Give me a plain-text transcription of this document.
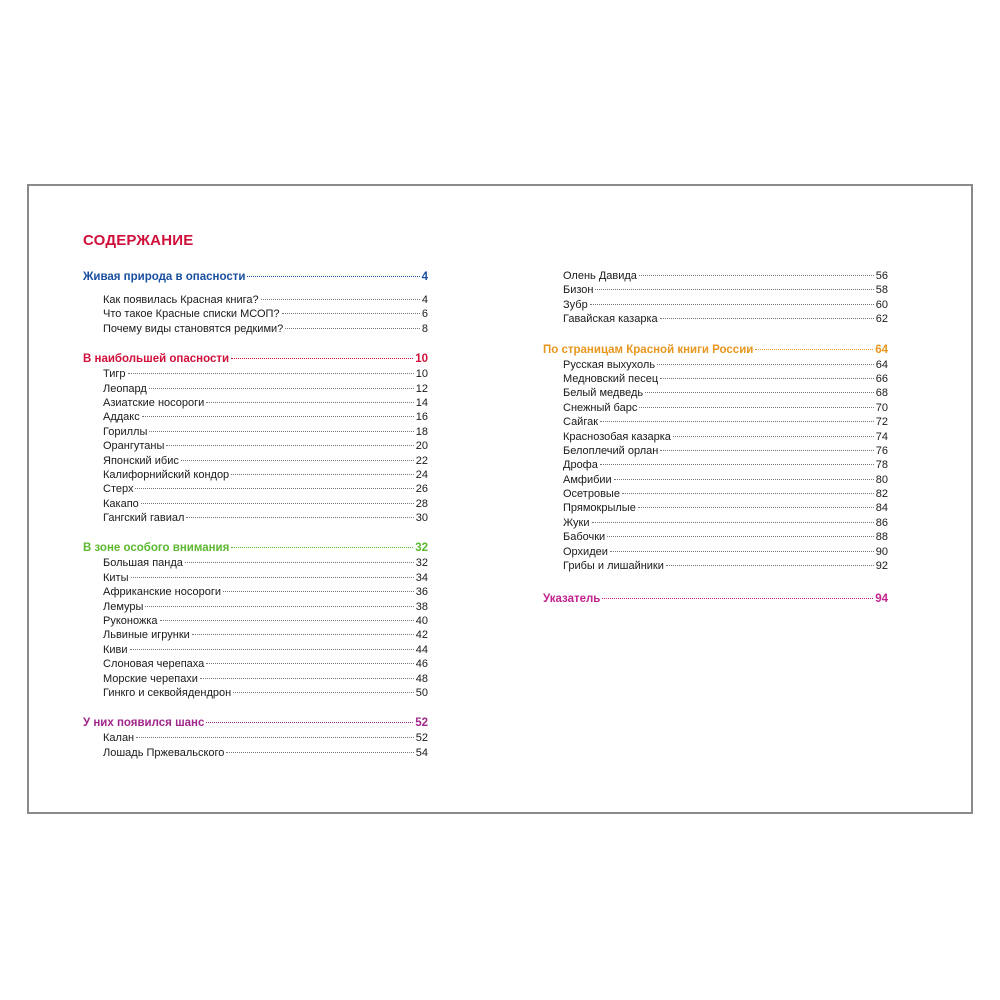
СОДЕРЖАНИЕ
Живая природа в опасности	4
Как появилась Красная книга?	4
Что такое Красные списки МСОП?	6
Почему виды становятся редкими?	8
В наибольшей опасности	10
Тигр	10
Леопард	12
Азиатские носороги	14
Аддакс	16
Гориллы	18
Орангутаны	20
Японский ибис	22
Калифорнийский кондор	24
Стерх	26
Какапо	28
Гангский гавиал	30
В зоне особого внимания	32
Большая панда	32
Киты	34
Африканские носороги	36
Лемуры	38
Руконожка	40
Львиные игрунки	42
Киви	44
Слоновая черепаха	46
Морские черепахи	48
Гинкго и секвойядендрон	50
У них появился шанс	52
Калан	52
Лошадь Пржевальского	54
Олень Давида	56
Бизон	58
Зубр	60
Гавайская казарка	62
По страницам Красной книги России	64
Русская выхухоль	64
Медновский песец	66
Белый медведь	68
Снежный барс	70
Сайгак	72
Краснозобая казарка	74
Белоплечий орлан	76
Дрофа	78
Амфибии	80
Осетровые	82
Прямокрылые	84
Жуки	86
Бабочки	88
Орхидеи	90
Грибы и лишайники	92
Указатель	94
